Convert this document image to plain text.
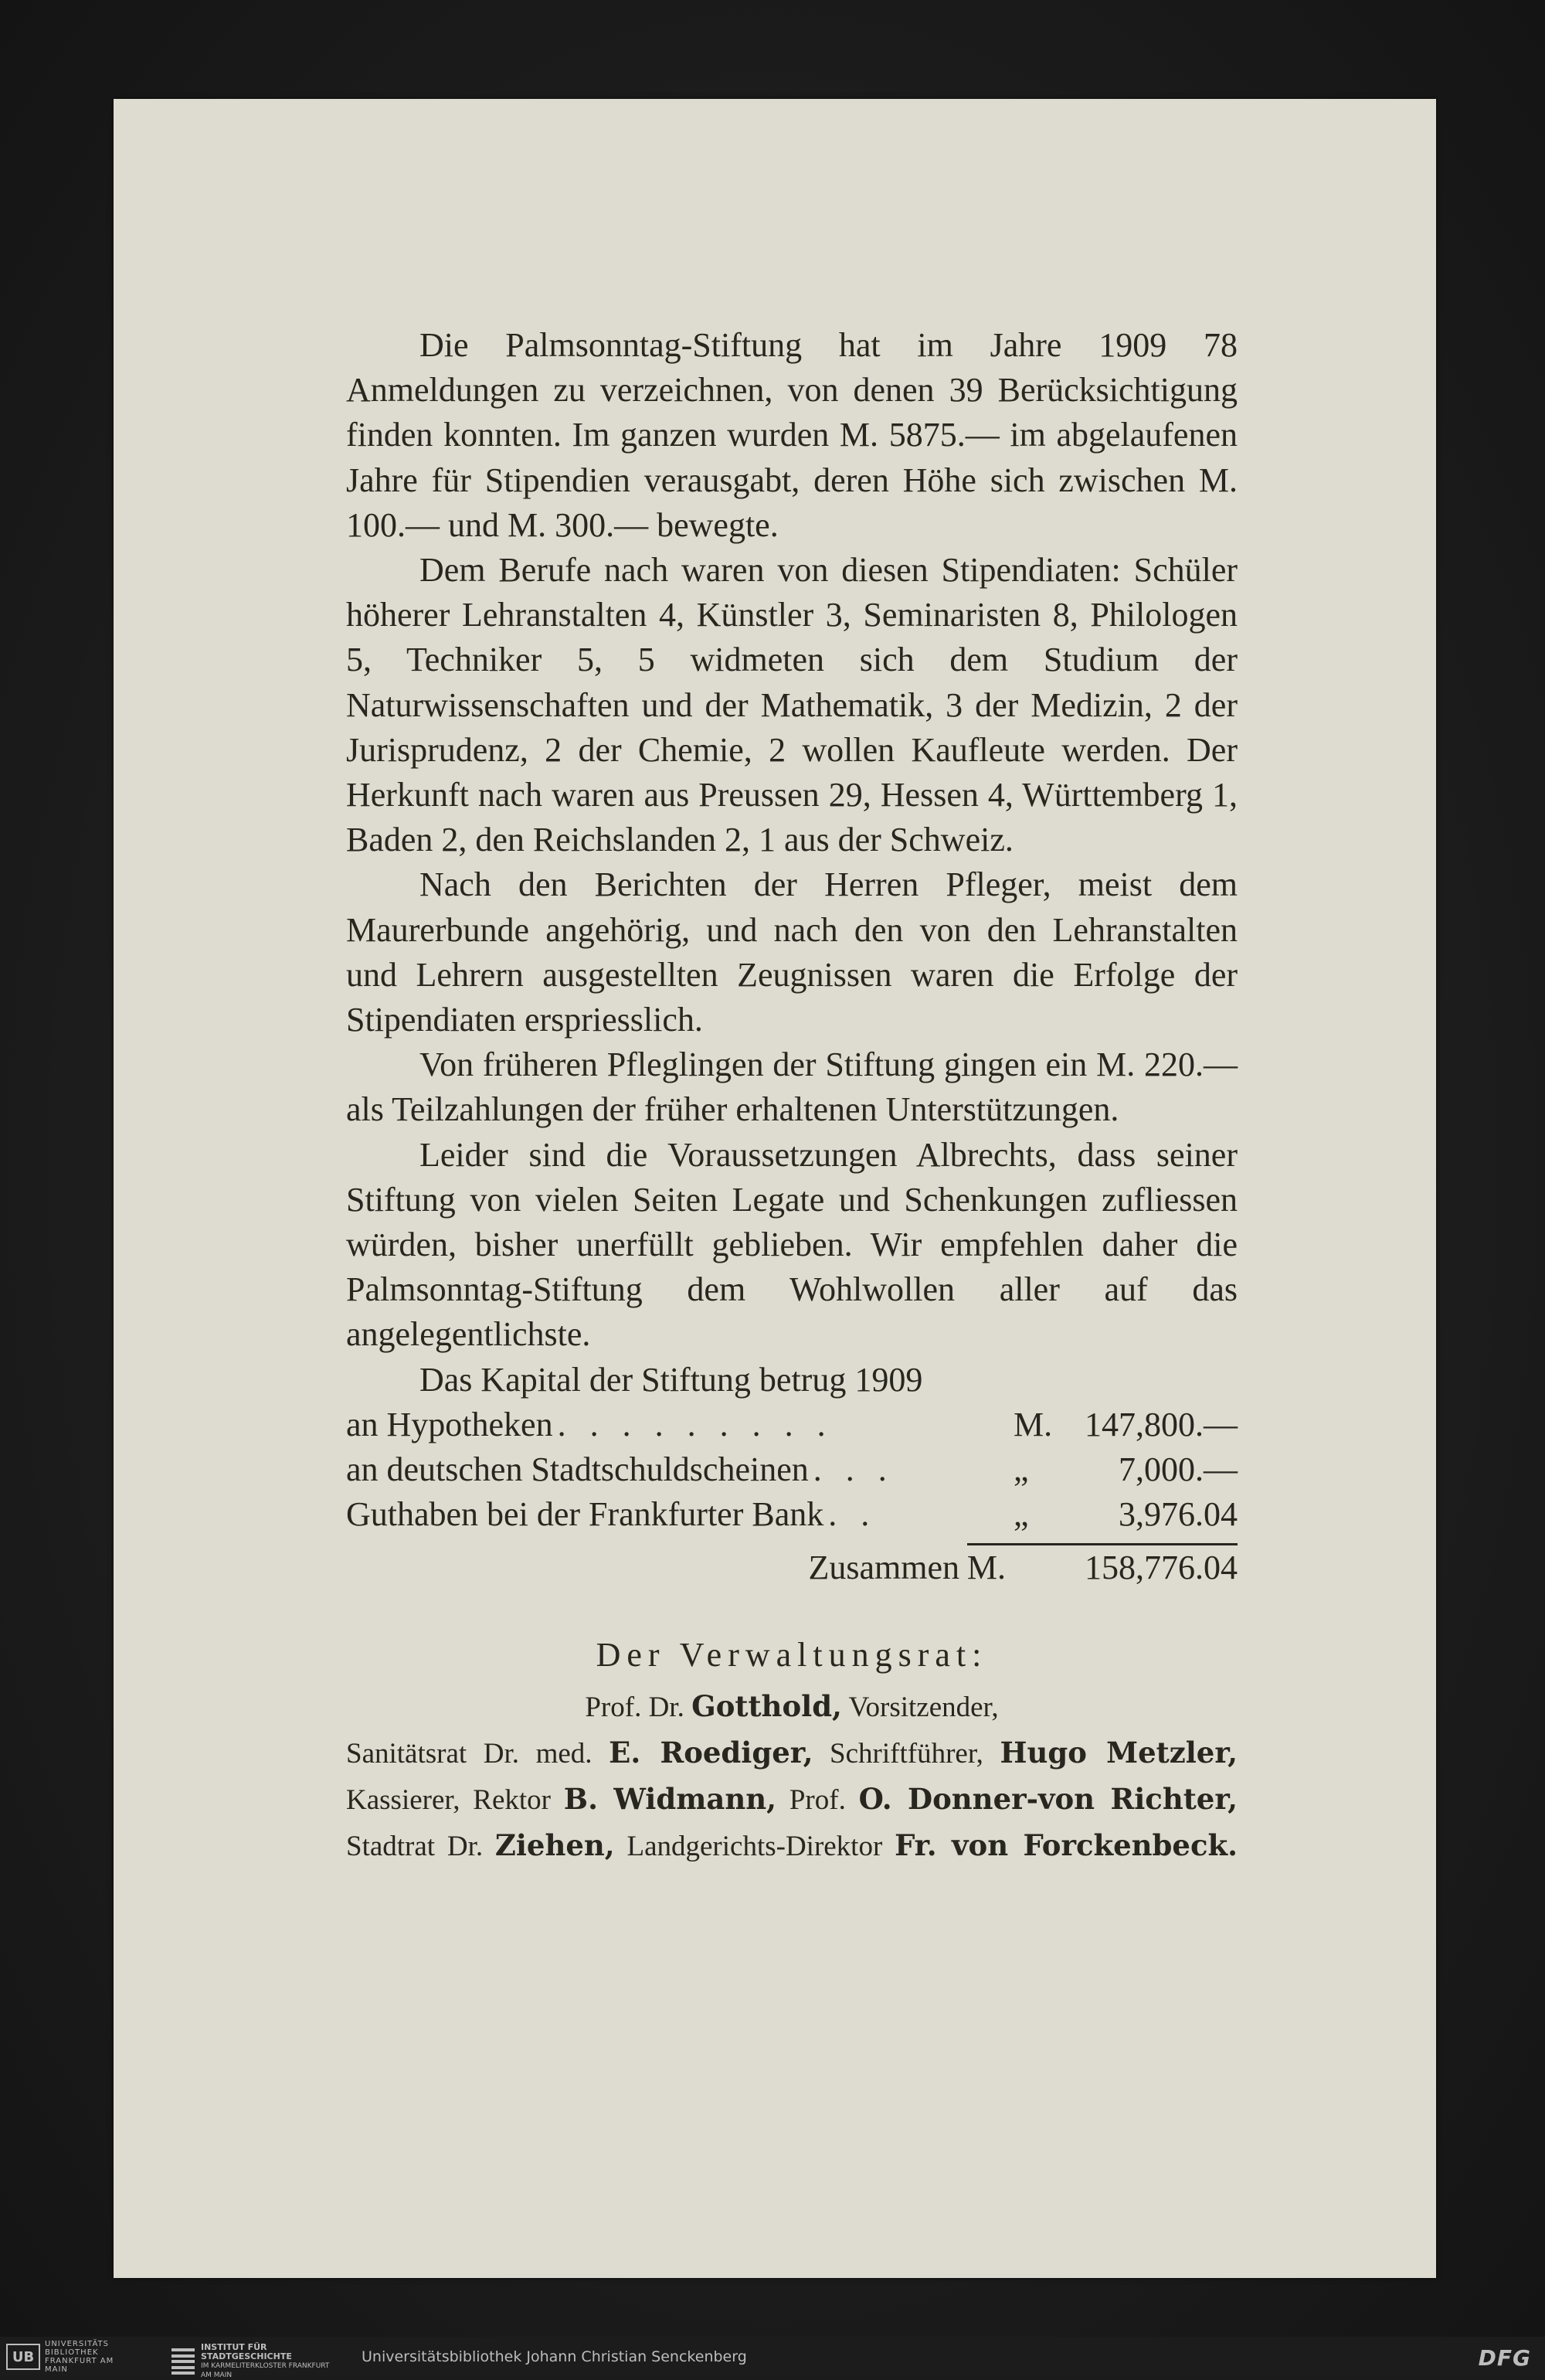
Die Palmsonntag-Stiftung hat im Jahre 1909 78 Anmeldungen zu verzeichnen, von denen 39 Berücksichtigung finden konnten. Im ganzen wurden M. 5875.— im abgelaufenen Jahre für Stipendien verausgabt, deren Höhe sich zwischen M. 100.— und M. 300.— bewegte.

Dem Berufe nach waren von diesen Stipendiaten: Schüler höherer Lehranstalten 4, Künstler 3, Seminaristen 8, Philologen 5, Techniker 5, 5 widmeten sich dem Studium der Naturwissenschaften und der Mathematik, 3 der Medizin, 2 der Jurisprudenz, 2 der Chemie, 2 wollen Kaufleute werden. Der Herkunft nach waren aus Preussen 29, Hessen 4, Württemberg 1, Baden 2, den Reichslanden 2, 1 aus der Schweiz.

Nach den Berichten der Herren Pfleger, meist dem Maurerbunde angehörig, und nach den von den Lehranstalten und Lehrern ausgestellten Zeugnissen waren die Erfolge der Stipendiaten erspriesslich.

Von früheren Pfleglingen der Stiftung gingen ein M. 220.— als Teilzahlungen der früher erhaltenen Unterstützungen.

Leider sind die Voraussetzungen Albrechts, dass seiner Stiftung von vielen Seiten Legate und Schenkungen zufliessen würden, bisher unerfüllt geblieben. Wir empfehlen daher die Palmsonntag-Stiftung dem Wohlwollen aller auf das angelegentlichste.

Das Kapital der Stiftung betrug 1909
an Hypotheken . . . . . . . . .	M. 147,800.—
an deutschen Stadtschuldscheinen . . .	„	7,000.—
Guthaben bei der Frankfurter Bank . .	„	3,976.04
Zusammen M.	158,776.04
Der Verwaltungsrat:
Prof. Dr. Gotthold, Vorsitzender,
Sanitätsrat Dr. med. E. Roediger, Schriftführer, Hugo Metzler,
Kassierer, Rektor B. Widmann, Prof. O. Donner-von Richter,
Stadtrat Dr. Ziehen, Landgerichts-Direktor Fr. von Forckenbeck.
UB
UNIVERSITÄTS BIBLIOTHEK FRANKFURT AM MAIN
INSTITUT FÜR STADTGESCHICHTE
IM KARMELITERKLOSTER FRANKFURT AM MAIN
Universitätsbibliothek Johann Christian Senckenberg	DFG
